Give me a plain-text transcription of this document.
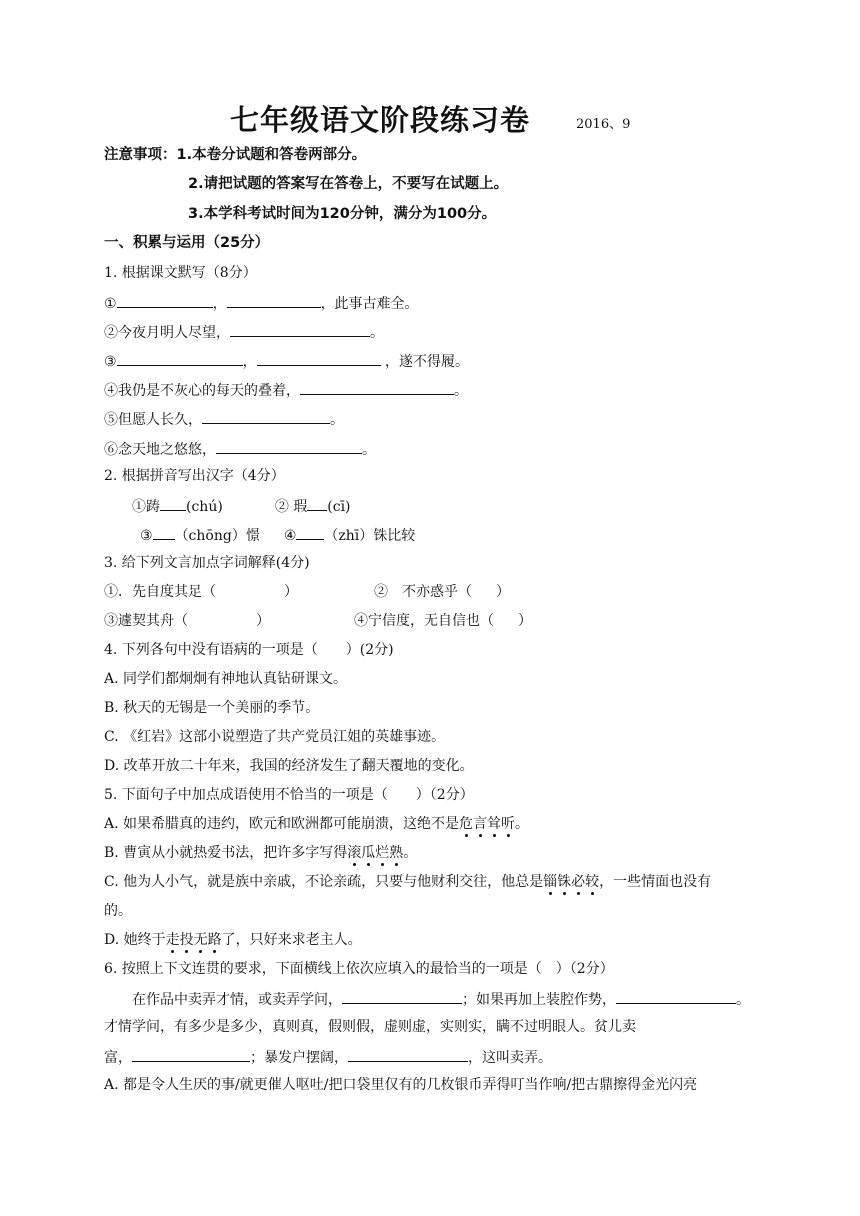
七年级语文阶段练习卷	2016、9
注意事项：1.本卷分试题和答卷两部分。
2.请把试题的答案写在答卷上，不要写在试题上。
3.本学科考试时间为120分钟，满分为100分。
一、积累与运用（25分）
1. 根据课文默写（8分）
①	，	，此事古难全。
②今夜月明人尽望，	。
③	，	，遂不得履。
④我仍是不灰心的每天的叠着，	。
⑤但愿人长久，	。
⑥念天地之悠悠，	。
2. 根据拼音写出汉字（4分）
①踌 (chú)	② 瑕 (cī)
③ （chōng）憬 ④ （zhī）铢比较
3. 给下列文言加点字词解释(4分)
①．先自度其足（	）	②　不亦惑乎（ ）
③遽契其舟（	）	④宁信度，无自信也（ ）
4. 下列各句中没有语病的一项是（　　）(2分)
A. 同学们都炯炯有神地认真钻研课文。
B. 秋天的无锡是一个美丽的季节。
C. 《红岩》这部小说塑造了共产党员江姐的英雄事迹。
D. 改革开放二十年来，我国的经济发生了翻天覆地的变化。
5. 下面句子中加点成语使用不恰当的一项是（　　）（2分）
A. 如果希腊真的违约，欧元和欧洲都可能崩溃，这绝不是危言耸听。
B. 曹寅从小就热爱书法，把许多字写得滚瓜烂熟。
C. 他为人小气，就是族中亲戚，不论亲疏，只要与他财利交往，他总是锱铢必较，一些情面也没有
的。
D. 她终于走投无路了，只好来求老主人。
6. 按照上下文连贯的要求，下面横线上依次应填入的最恰当的一项是（　）（2分）
在作品中卖弄才情，或卖弄学问，	；如果再加上装腔作势，	。
才情学问，有多少是多少，真则真，假则假，虚则虚，实则实，瞒不过明眼人。贫儿卖
富，	；暴发户摆阔，	，这叫卖弄。
A. 都是令人生厌的事/就更催人呕吐/把口袋里仅有的几枚银币弄得叮当作响/把古鼎擦得金光闪亮
